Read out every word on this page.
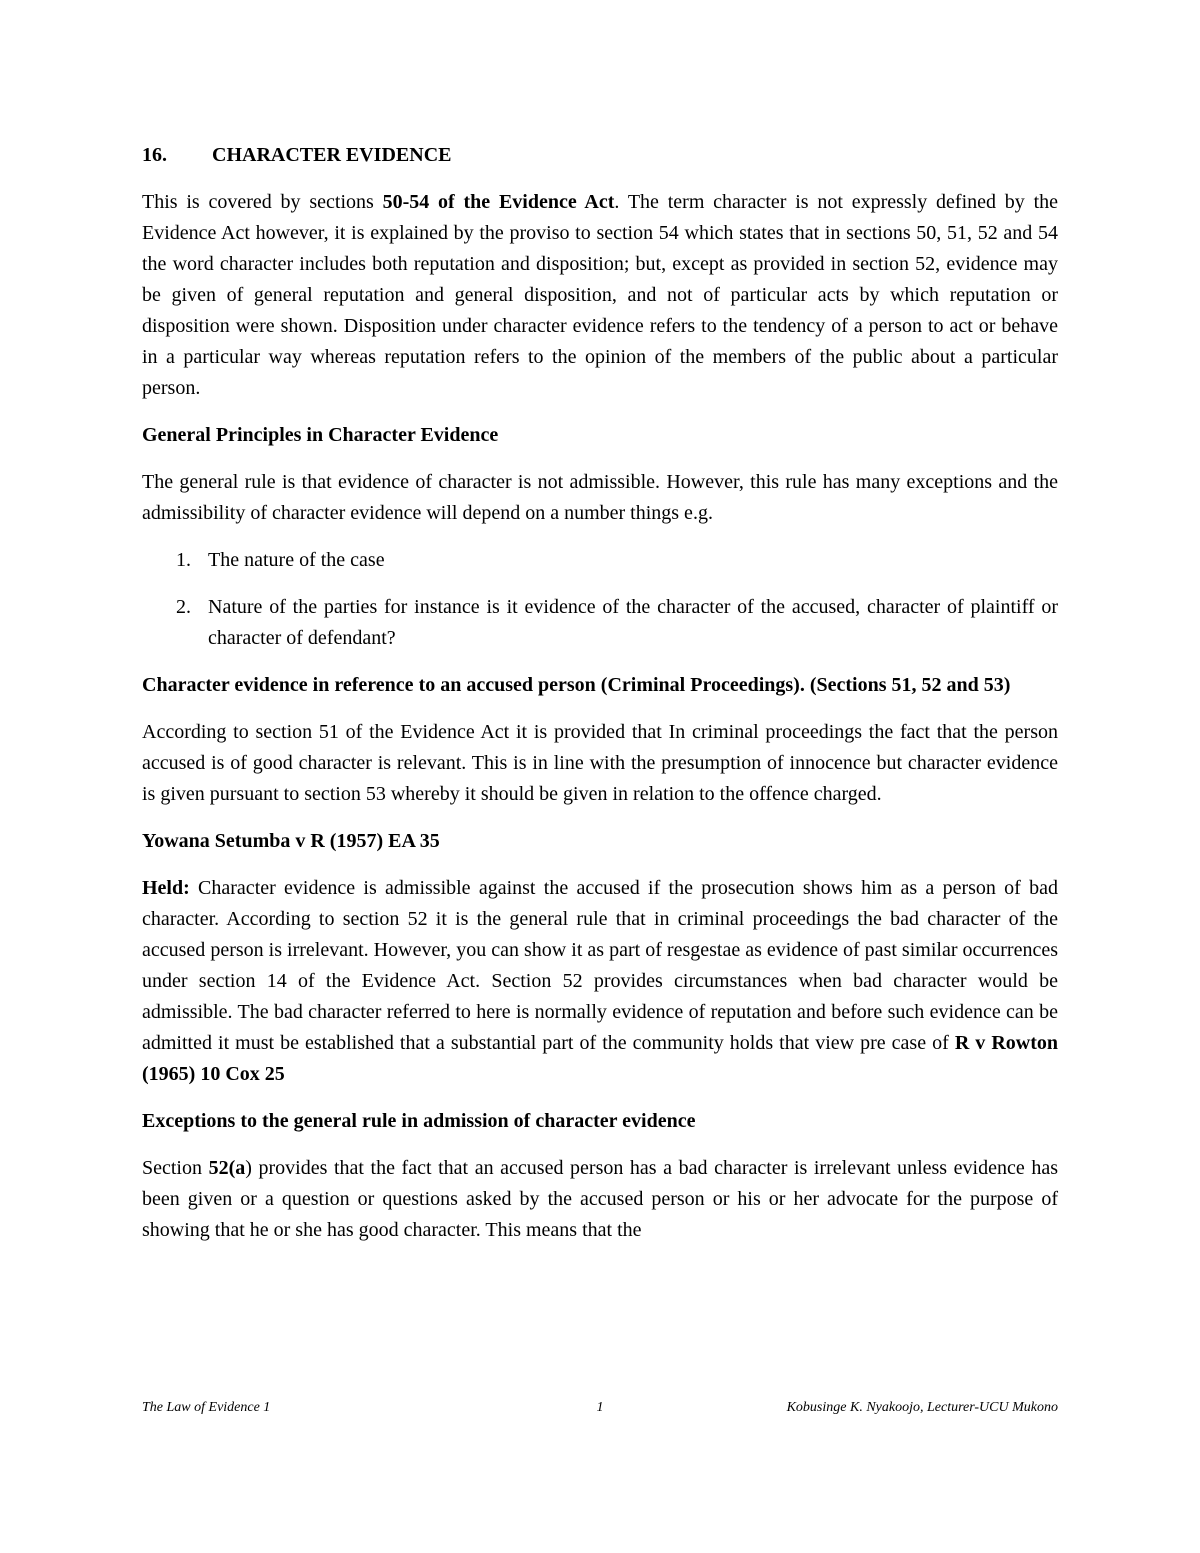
16.	CHARACTER EVIDENCE

This is covered by sections 50-54 of the Evidence Act. The term character is not expressly defined by the Evidence Act however, it is explained by the proviso to section 54 which states that in sections 50, 51, 52 and 54 the word character includes both reputation and disposition; but, except as provided in section 52, evidence may be given of general reputation and general disposition, and not of particular acts by which reputation or disposition were shown. Disposition under character evidence refers to the tendency of a person to act or behave in a particular way whereas reputation refers to the opinion of the members of the public about a particular person.

General Principles in Character Evidence

The general rule is that evidence of character is not admissible. However, this rule has many exceptions and the admissibility of character evidence will depend on a number things e.g.

1. The nature of the case
2. Nature of the parties for instance is it evidence of the character of the accused, character of plaintiff or character of defendant?
Character evidence in reference to an accused person (Criminal Proceedings). (Sections 51, 52 and 53)

According to section 51 of the Evidence Act it is provided that In criminal proceedings the fact that the person accused is of good character is relevant. This is in line with the presumption of innocence but character evidence is given pursuant to section 53 whereby it should be given in relation to the offence charged.

Yowana Setumba v R (1957) EA 35

Held: Character evidence is admissible against the accused if the prosecution shows him as a person of bad character. According to section 52 it is the general rule that in criminal proceedings the bad character of the accused person is irrelevant. However, you can show it as part of resgestae as evidence of past similar occurrences under section 14 of the Evidence Act. Section 52 provides circumstances when bad character would be admissible. The bad character referred to here is normally evidence of reputation and before such evidence can be admitted it must be established that a substantial part of the community holds that view pre case of R v Rowton (1965) 10 Cox 25

Exceptions to the general rule in admission of character evidence

Section 52(a) provides that the fact that an accused person has a bad character is irrelevant unless evidence has been given or a question or questions asked by the accused person or his or her advocate for the purpose of showing that he or she has good character. This means that the

The Law of Evidence 1	1	Kobusinge K. Nyakoojo, Lecturer-UCU Mukono
